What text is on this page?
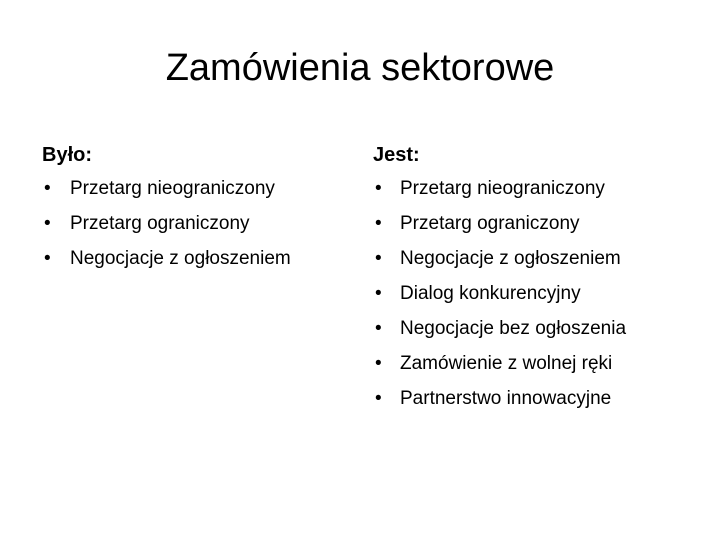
Zamówienia sektorowe
Było:
• Przetarg nieograniczony
• Przetarg ograniczony
• Negocjacje z ogłoszeniem
Jest:
• Przetarg nieograniczony
• Przetarg ograniczony
• Negocjacje z ogłoszeniem
• Dialog konkurencyjny
• Negocjacje bez ogłoszenia
• Zamówienie z wolnej ręki
• Partnerstwo innowacyjne
